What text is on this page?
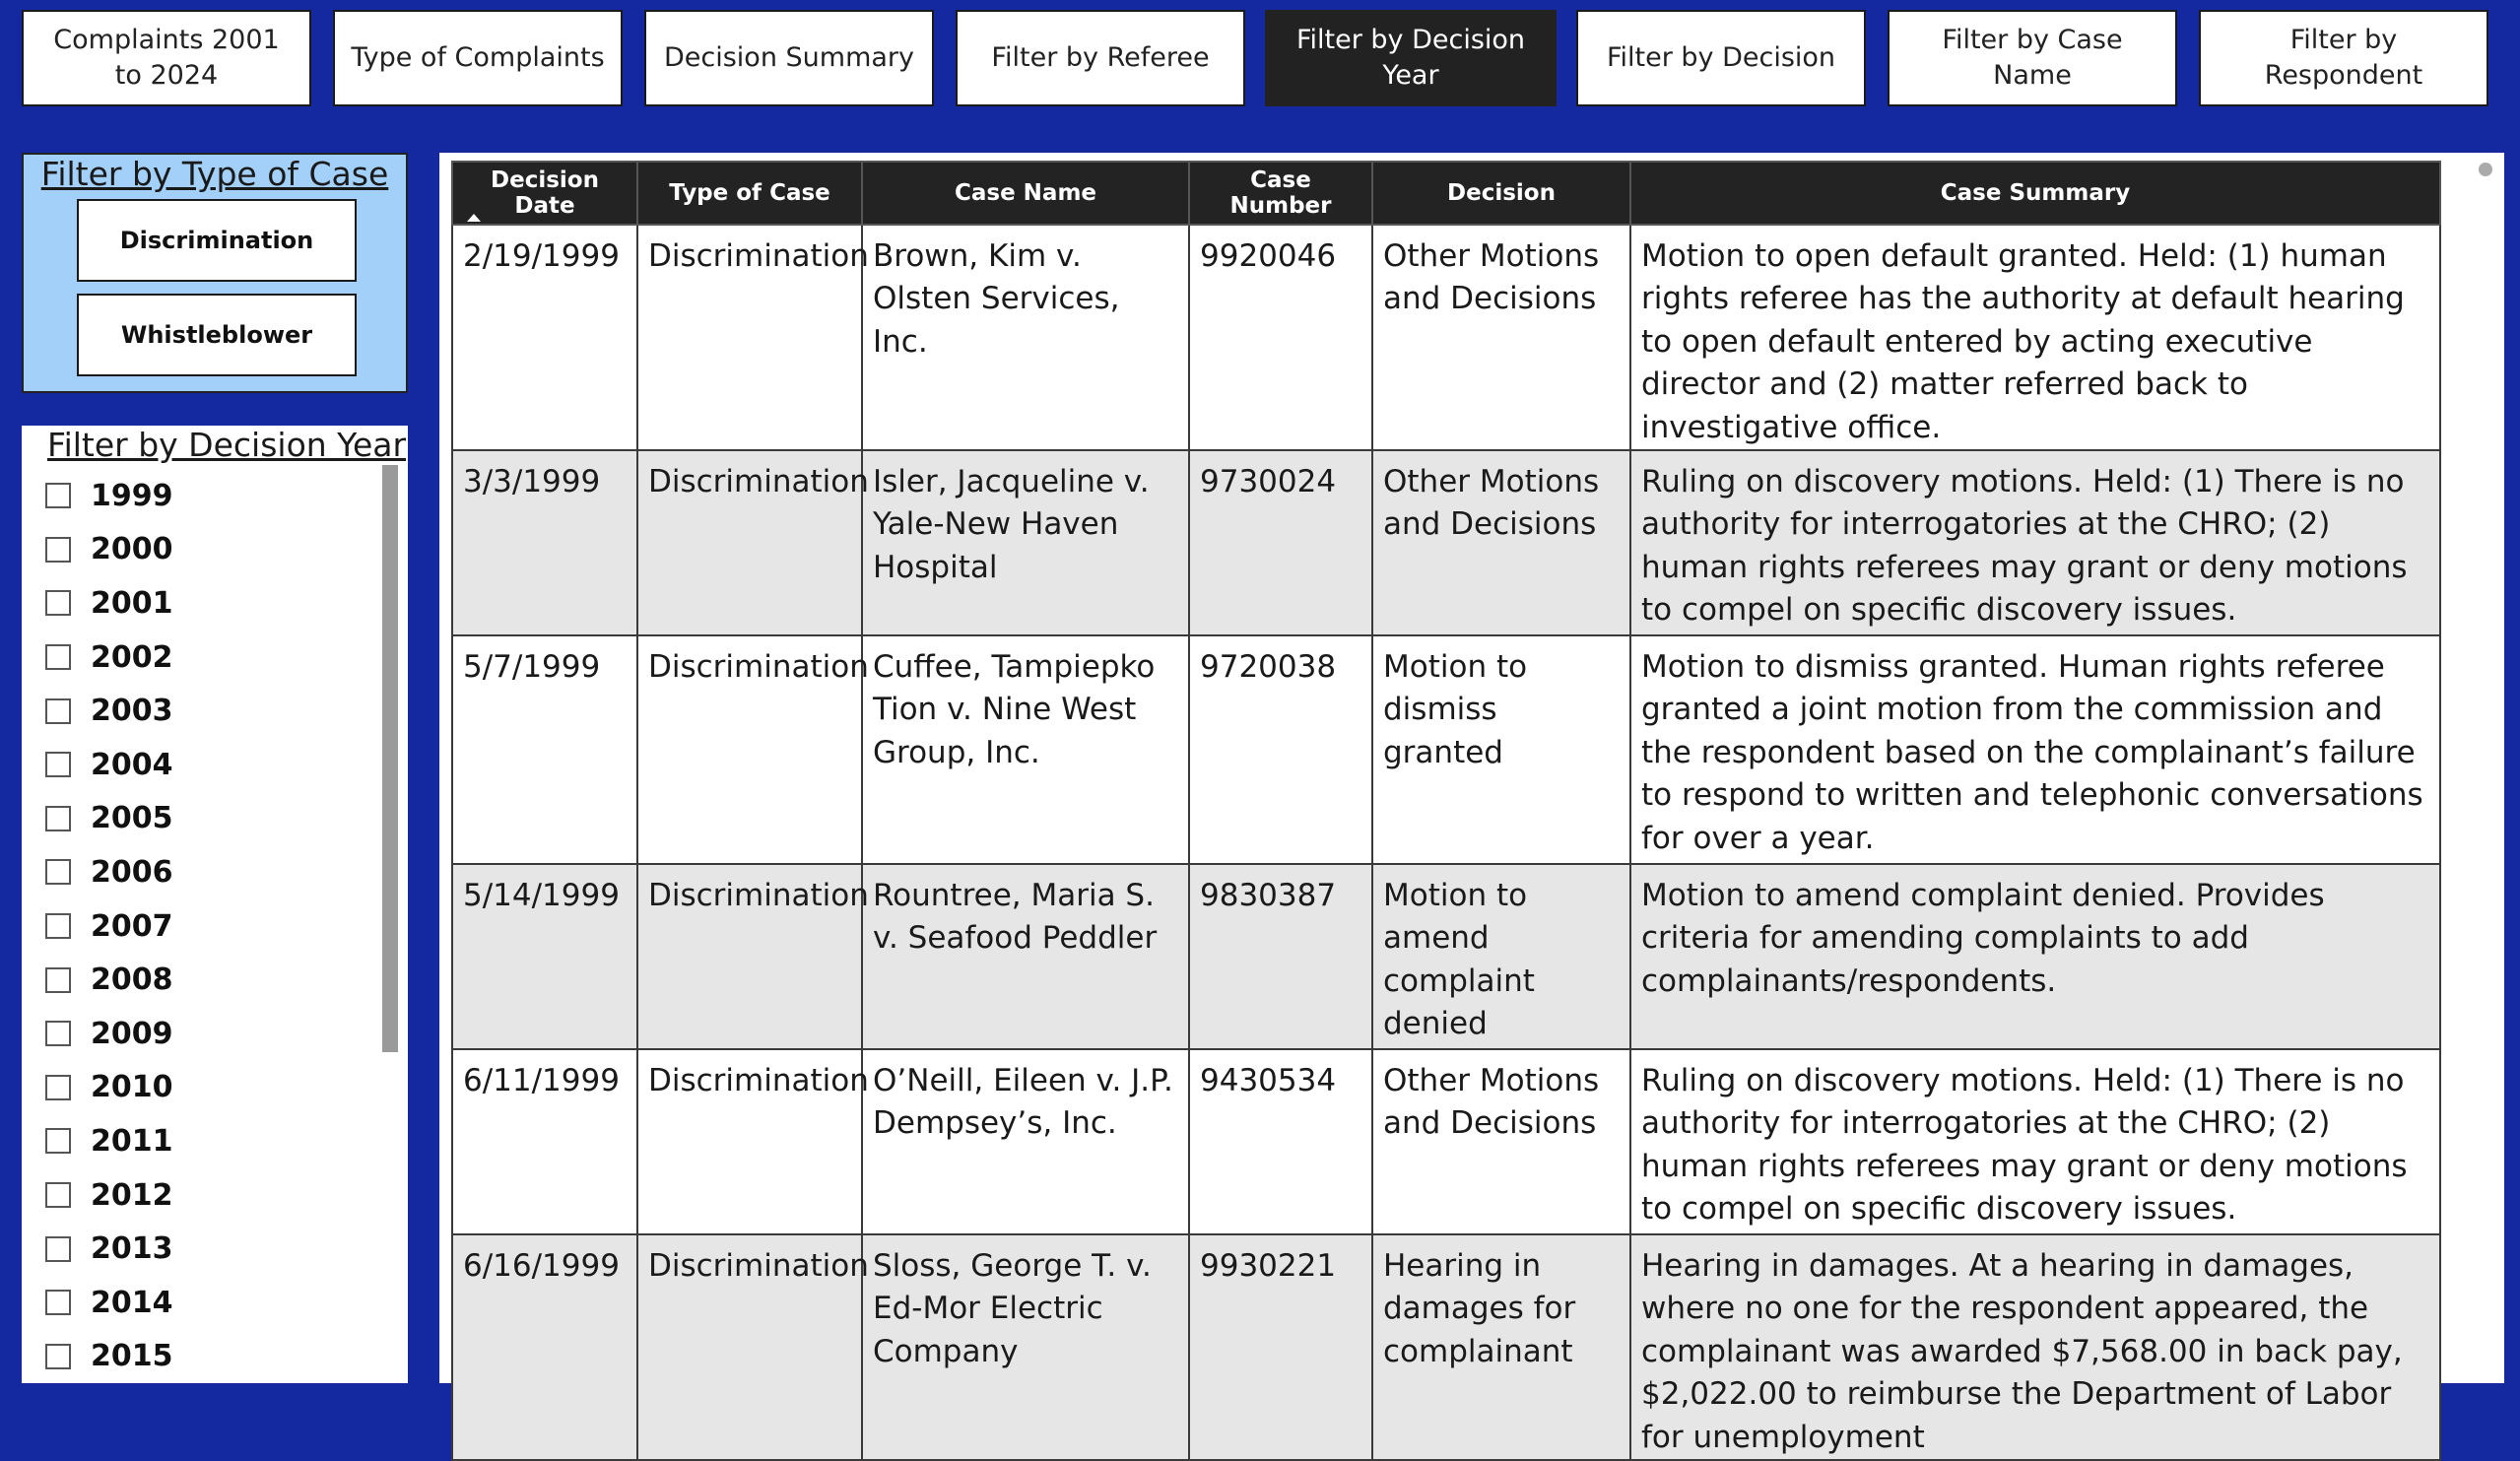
Complaints 2001 to 2024
Type of Complaints	Decision Summary	Filter by Referee
Filter by Decision Year
Filter by Decision
Filter by Case Name
Filter by Respondent
Filter by Type of Case
Discrimination
Whistleblower
Filter by Decision Year
1999
2000
2001
2002
2003
2004
2005
2006
2007
2008
2009
2010
2011
2012
2013
2014
2015
Decision Date	Type of Case	Case Name	Case Number	Decision	Case Summary
2/19/1999	Discrimination	Brown, Kim v. Olsten Services, Inc.	9920046	Other Motions and Decisions	Motion to open default granted. Held: (1) human rights referee has the authority at default hearing to open default entered by acting executive director and (2) matter referred back to investigative office.
3/3/1999	Discrimination	Isler, Jacqueline v. Yale-New Haven Hospital	9730024	Other Motions and Decisions	Ruling on discovery motions. Held: (1) There is no authority for interrogatories at the CHRO; (2) human rights referees may grant or deny motions to compel on specific discovery issues.
5/7/1999	Discrimination	Cuffee, Tampiepko Tion v. Nine West Group, Inc.	9720038	Motion to dismiss granted	Motion to dismiss granted. Human rights referee granted a joint motion from the commission and the respondent based on the complainant’s failure to respond to written and telephonic conversations for over a year.
5/14/1999	Discrimination	Rountree, Maria S. v. Seafood Peddler	9830387	Motion to amend complaint denied	Motion to amend complaint denied. Provides criteria for amending complaints to add complainants/respondents.
6/11/1999	Discrimination	O’Neill, Eileen v. J.P. Dempsey’s, Inc.	9430534	Other Motions and Decisions	Ruling on discovery motions. Held: (1) There is no authority for interrogatories at the CHRO; (2) human rights referees may grant or deny motions to compel on specific discovery issues.
6/16/1999	Discrimination	Sloss, George T. v. Ed-Mor Electric Company	9930221	Hearing in damages for complainant	Hearing in damages. At a hearing in damages, where no one for the respondent appeared, the complainant was awarded $7,568.00 in back pay, $2,022.00 to reimburse the Department of Labor for unemployment
